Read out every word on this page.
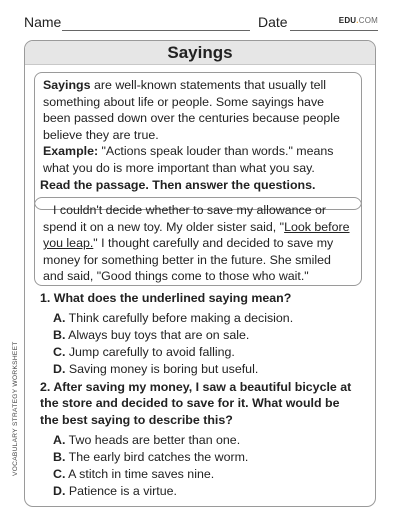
Name	Date	EDU.COM
Sayings

Sayings are well-known statements that usually tell something about life or people. Some sayings have been passed down over the centuries because people believe they are true.

Example: "Actions speak louder than words." means what you do is more important than what you say.

Read the passage. Then answer the questions.

I couldn't decide whether to save my allowance or spend it on a new toy. My older sister said, "Look before you leap." I thought carefully and decided to save my money for something better in the future. She smiled and said, "Good things come to those who wait."

1. What does the underlined saying mean?
A. Think carefully before making a decision.
B. Always buy toys that are on sale.
C. Jump carefully to avoid falling.
D. Saving money is boring but useful.
2. After saving my money, I saw a beautiful bicycle at the store and decided to save for it. What would be the best saying to describe this?
A. Two heads are better than one.
B. The early bird catches the worm.
C. A stitch in time saves nine.
D. Patience is a virtue.
VOCABULARY STRATEGY WORKSHEET
